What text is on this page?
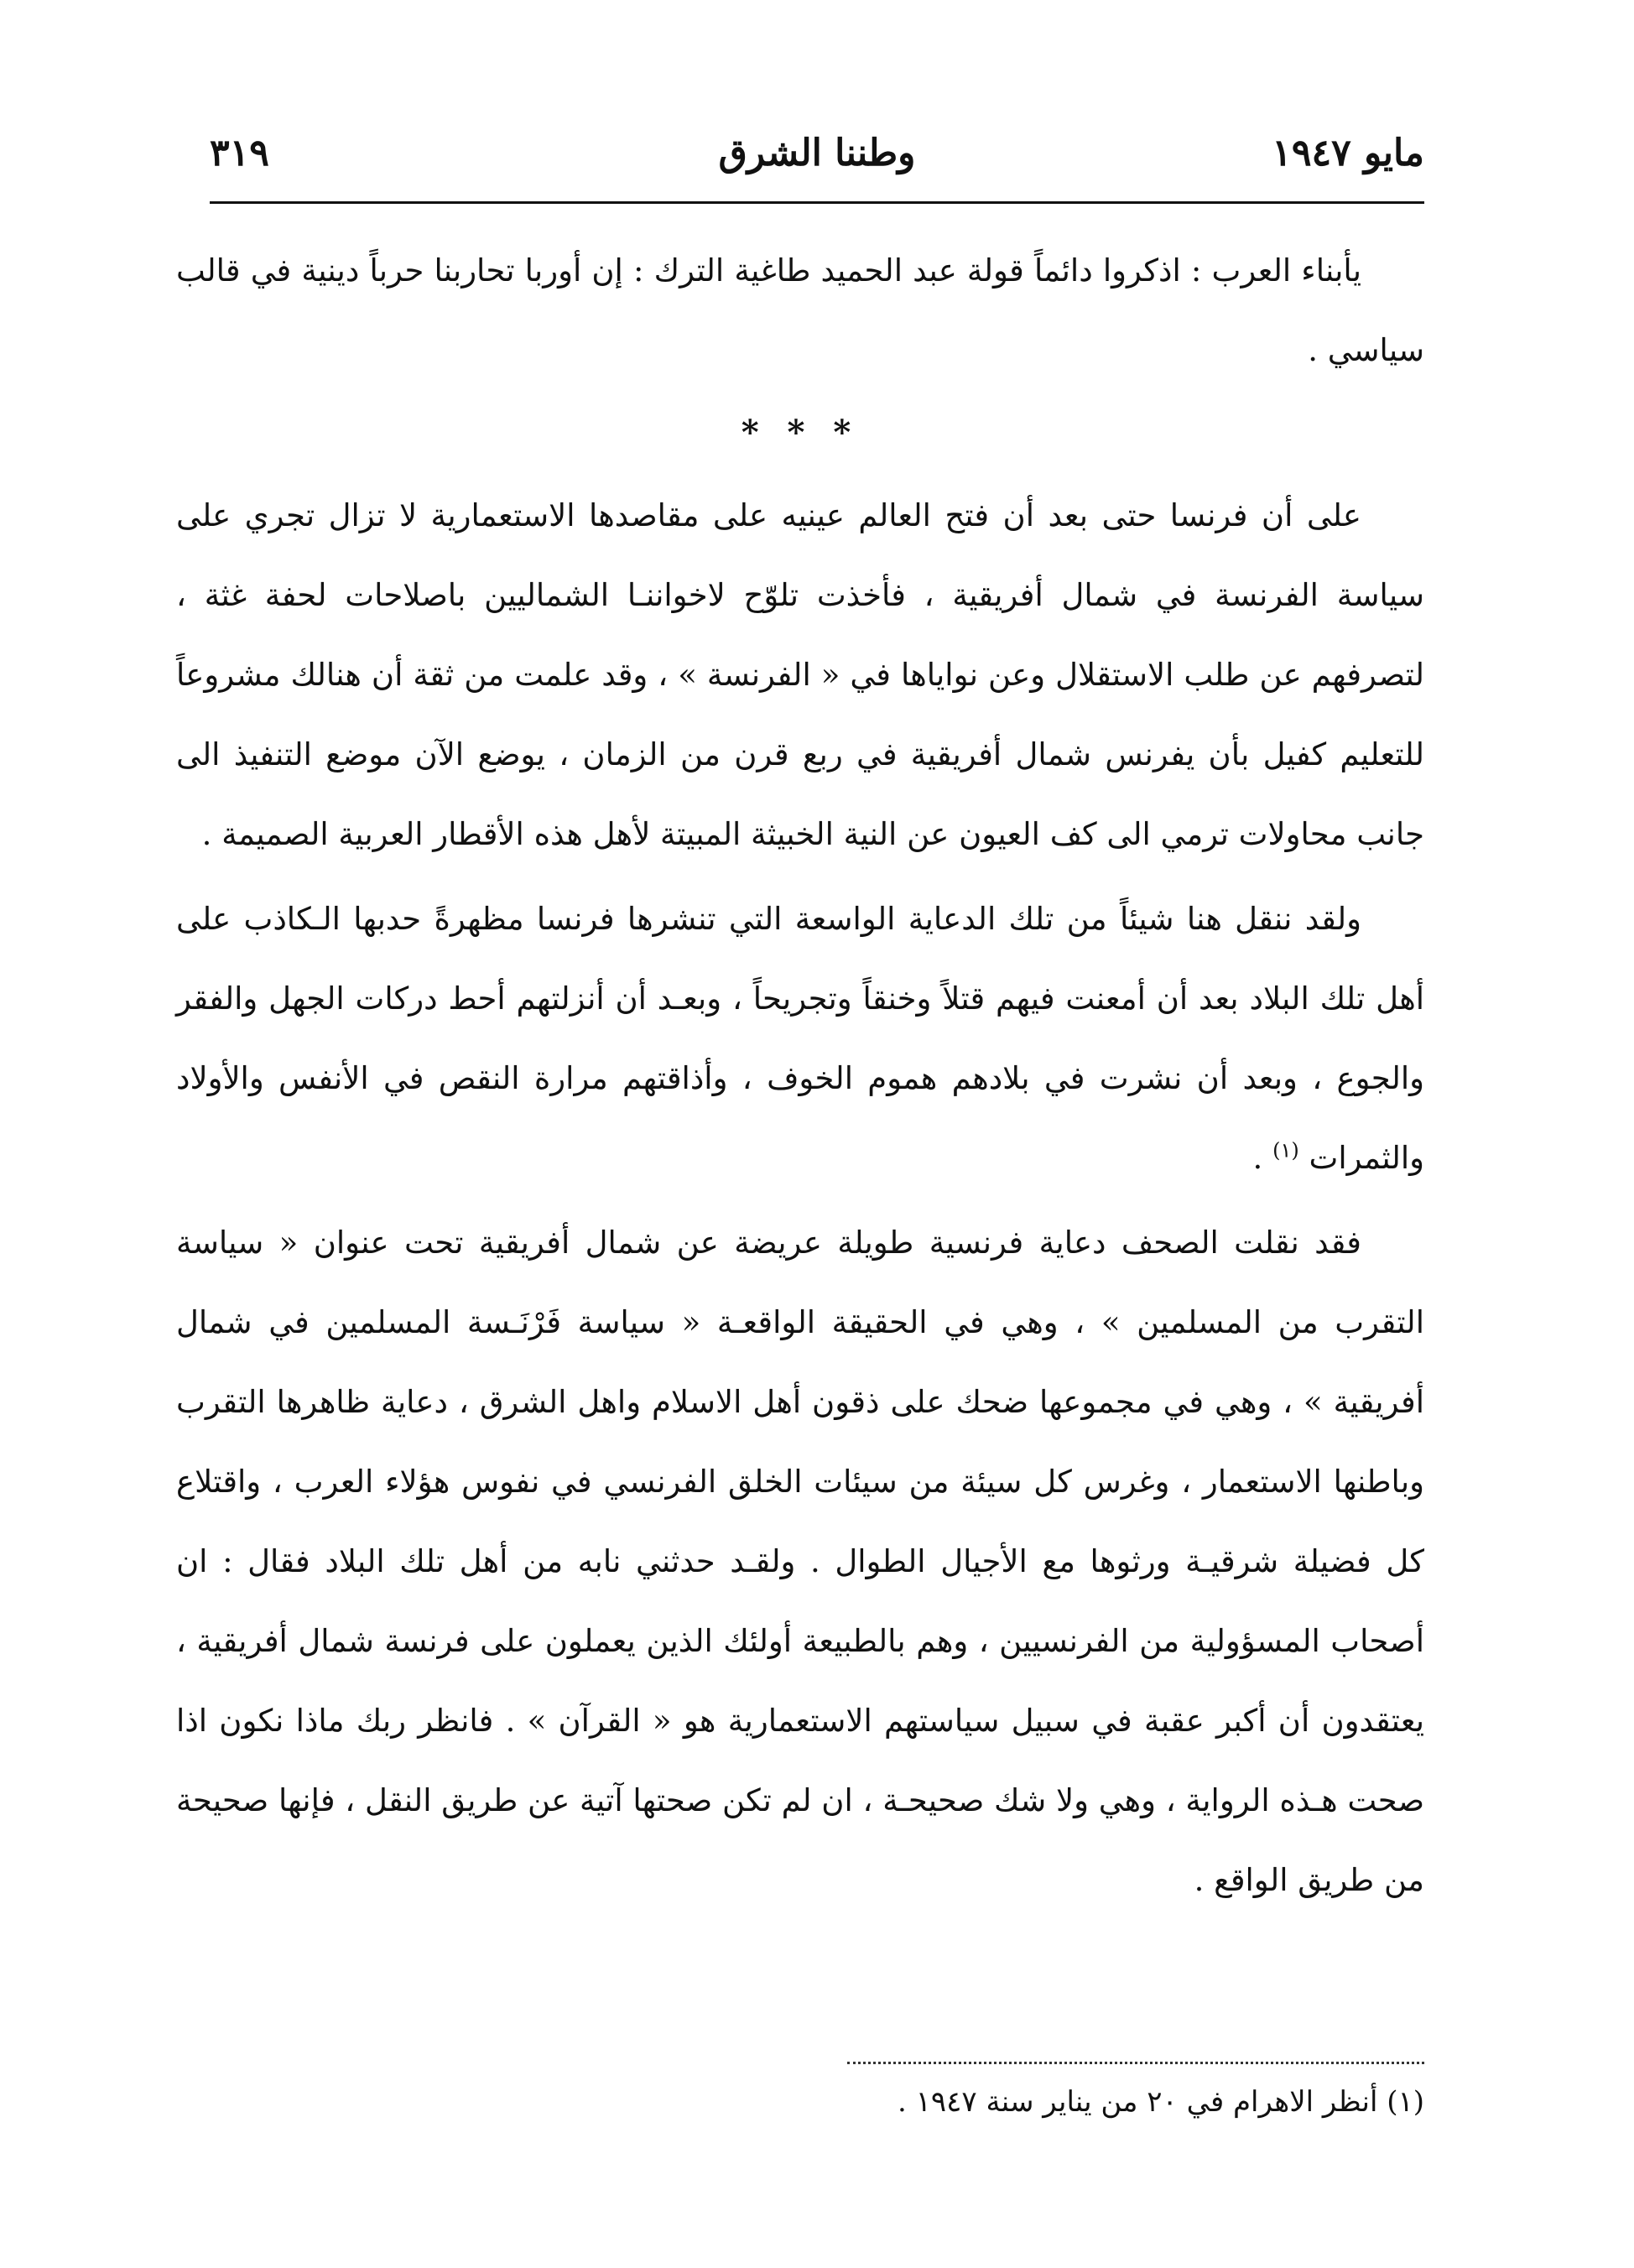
مايو ١٩٤٧
وطننا الشرق
٣١٩

يأبناء العرب : اذكروا دائماً قولة عبد الحميد طاغية الترك : إن أوربا تحاربنا حرباً دينية في قالب سياسي .

* * *

على أن فرنسا حتى بعد أن فتح العالم عينيه على مقاصدها الاستعمارية لا تزال تجري على سياسة الفرنسة في شمال أفريقية ، فأخذت تلوّح لاخواننـا الشماليين باصلاحات لحفة غثة ، لتصرفهم عن طلب الاستقلال وعن نواياها في « الفرنسة » ، وقد علمت من ثقة أن هنالك مشروعاً للتعليم كفيل بأن يفرنس شمال أفريقية في ربع قرن من الزمان ، يوضع الآن موضع التنفيذ الى جانب محاولات ترمي الى كف العيون عن النية الخبيثة المبيتة لأهل هذه الأقطار العربية الصميمة .

ولقد ننقل هنا شيئاً من تلك الدعاية الواسعة التي تنشرها فرنسا مظهرةً حدبها الـكاذب على أهل تلك البلاد بعد أن أمعنت فيهم قتلاً وخنقاً وتجريحاً ، وبعـد أن أنزلتهم أحط دركات الجهل والفقر والجوع ، وبعد أن نشرت في بلادهم هموم الخوف ، وأذاقتهم مرارة النقص في الأنفس والأولاد والثمرات $^{(١)}$ .

فقد نقلت الصحف دعاية فرنسية طويلة عريضة عن شمال أفريقية تحت عنوان « سياسة التقرب من المسلمين » ، وهي في الحقيقة الواقعـة « سياسة فَرْنَـسة المسلمين في شمال أفريقية » ، وهي في مجموعها ضحك على ذقون أهل الاسلام واهل الشرق ، دعاية ظاهرها التقرب وباطنها الاستعمار ، وغرس كل سيئة من سيئات الخلق الفرنسي في نفوس هؤلاء العرب ، واقتلاع كل فضيلة شرقيـة ورثوها مع الأجيال الطوال . ولقـد حدثني نابه من أهل تلك البلاد فقال : ان أصحاب المسؤولية من الفرنسيين ، وهم بالطبيعة أولئك الذين يعملون على فرنسة شمال أفريقية ، يعتقدون أن أكبر عقبة في سبيل سياستهم الاستعمارية هو « القرآن » . فانظر ربك ماذا نكون اذا صحت هـذه الرواية ، وهي ولا شك صحيحـة ، ان لم تكن صحتها آتية عن طريق النقل ، فإنها صحيحة من طريق الواقع .

(١) أنظر الاهرام في ٢٠ من يناير سنة ١٩٤٧ .
